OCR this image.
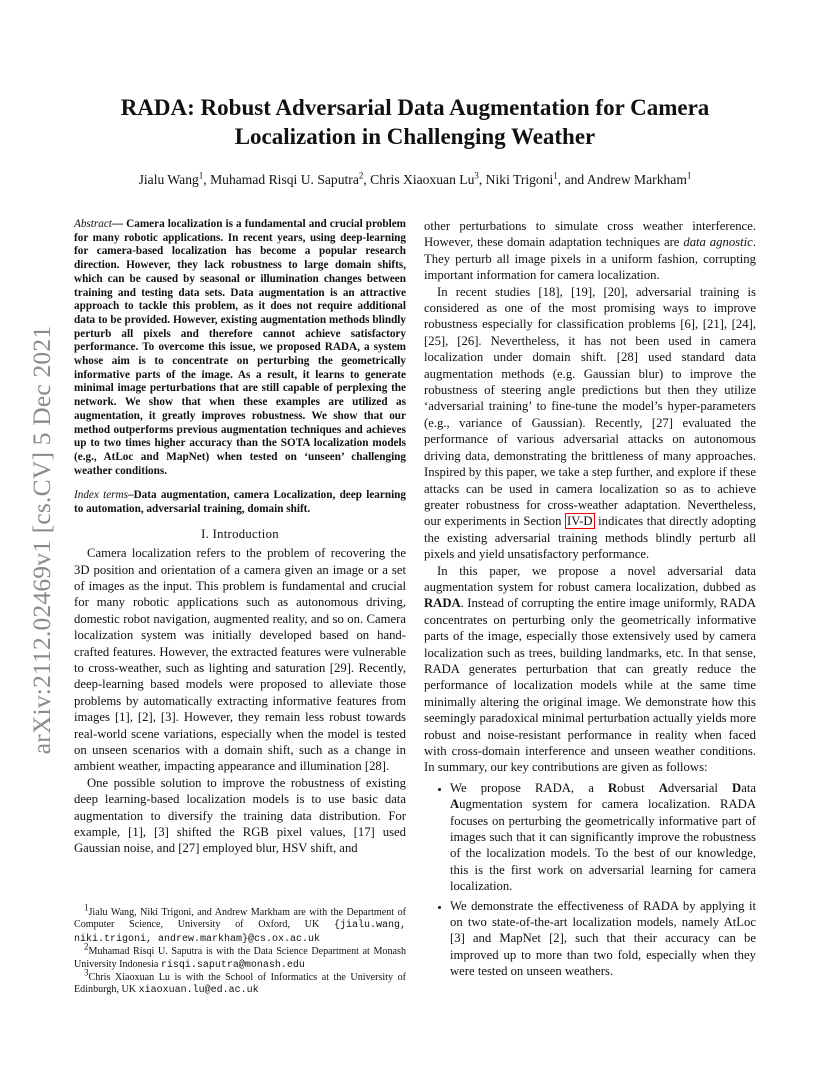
arXiv:2112.02469v1 [cs.CV] 5 Dec 2021
RADA: Robust Adversarial Data Augmentation for Camera
Localization in Challenging Weather
Jialu Wang$^1$, Muhamad Risqi U. Saputra$^2$, Chris Xiaoxuan Lu$^3$, Niki Trigoni$^1$, and Andrew Markham$^1$
Abstract— Camera localization is a fundamental and crucial problem for many robotic applications. In recent years, using deep-learning for camera-based localization has become a popular research direction. However, they lack robustness to large domain shifts, which can be caused by seasonal or illumination changes between training and testing data sets. Data augmentation is an attractive approach to tackle this problem, as it does not require additional data to be provided. However, existing augmentation methods blindly perturb all pixels and therefore cannot achieve satisfactory performance. To overcome this issue, we proposed RADA, a system whose aim is to concentrate on perturbing the geometrically informative parts of the image. As a result, it learns to generate minimal image perturbations that are still capable of perplexing the network. We show that when these examples are utilized as augmentation, it greatly improves robustness. We show that our method outperforms previous augmentation techniques and achieves up to two times higher accuracy than the SOTA localization models (e.g., AtLoc and MapNet) when tested on ‘unseen’ challenging weather conditions.
Index terms–Data augmentation, camera Localization, deep learning to automation, adversarial training, domain shift.
I. Introduction

Camera localization refers to the problem of recovering the 3D position and orientation of a camera given an image or a set of images as the input. This problem is fundamental and crucial for many robotic applications such as autonomous driving, domestic robot navigation, augmented reality, and so on. Camera localization system was initially developed based on hand-crafted features. However, the extracted features were vulnerable to cross-weather, such as lighting and saturation [29]. Recently, deep-learning based models were proposed to alleviate those problems by automatically extracting informative features from images [1], [2], [3]. However, they remain less robust towards real-world scene variations, especially when the model is tested on unseen scenarios with a domain shift, such as a change in ambient weather, impacting appearance and illumination [28].

One possible solution to improve the robustness of existing deep learning-based localization models is to use basic data augmentation to diversify the training data distribution. For example, [1], [3] shifted the RGB pixel values, [17] used Gaussian noise, and [27] employed blur, HSV shift, and

$^1$Jialu Wang, Niki Trigoni, and Andrew Markham are with the Department of Computer Science, University of Oxford, UK {jialu.wang, niki.trigoni, andrew.markham}@cs.ox.ac.uk

$^2$Muhamad Risqi U. Saputra is with the Data Science Department at Monash University Indonesia risqi.saputra@monash.edu

$^3$Chris Xiaoxuan Lu is with the School of Informatics at the University of Edinburgh, UK xiaoxuan.lu@ed.ac.uk

other perturbations to simulate cross weather interference. However, these domain adaptation techniques are data agnostic. They perturb all image pixels in a uniform fashion, corrupting important information for camera localization.

In recent studies [18], [19], [20], adversarial training is considered as one of the most promising ways to improve robustness especially for classification problems [6], [21], [24], [25], [26]. Nevertheless, it has not been used in camera localization under domain shift. [28] used standard data augmentation methods (e.g. Gaussian blur) to improve the robustness of steering angle predictions but then they utilize ‘adversarial training’ to fine-tune the model’s hyper-parameters (e.g., variance of Gaussian). Recently, [27] evaluated the performance of various adversarial attacks on autonomous driving data, demonstrating the brittleness of many approaches. Inspired by this paper, we take a step further, and explore if these attacks can be used in camera localization so as to achieve greater robustness for cross-weather adaptation. Nevertheless, our experiments in Section IV-D indicates that directly adopting the existing adversarial training methods blindly perturb all pixels and yield unsatisfactory performance.

In this paper, we propose a novel adversarial data augmentation system for robust camera localization, dubbed as RADA. Instead of corrupting the entire image uniformly, RADA concentrates on perturbing only the geometrically informative parts of the image, especially those extensively used by camera localization such as trees, building landmarks, etc. In that sense, RADA generates perturbation that can greatly reduce the performance of localization models while at the same time minimally altering the original image. We demonstrate how this seemingly paradoxical minimal perturbation actually yields more robust and noise-resistant performance in reality when faced with cross-domain interference and unseen weather conditions. In summary, our key contributions are given as follows:

• We propose RADA, a Robust Adversarial Data Augmentation system for camera localization. RADA focuses on perturbing the geometrically informative part of images such that it can significantly improve the robustness of the localization models. To the best of our knowledge, this is the first work on adversarial learning for camera localization.
• We demonstrate the effectiveness of RADA by applying it on two state-of-the-art localization models, namely AtLoc [3] and MapNet [2], such that their accuracy can be improved up to more than two fold, especially when they were tested on unseen weathers.
